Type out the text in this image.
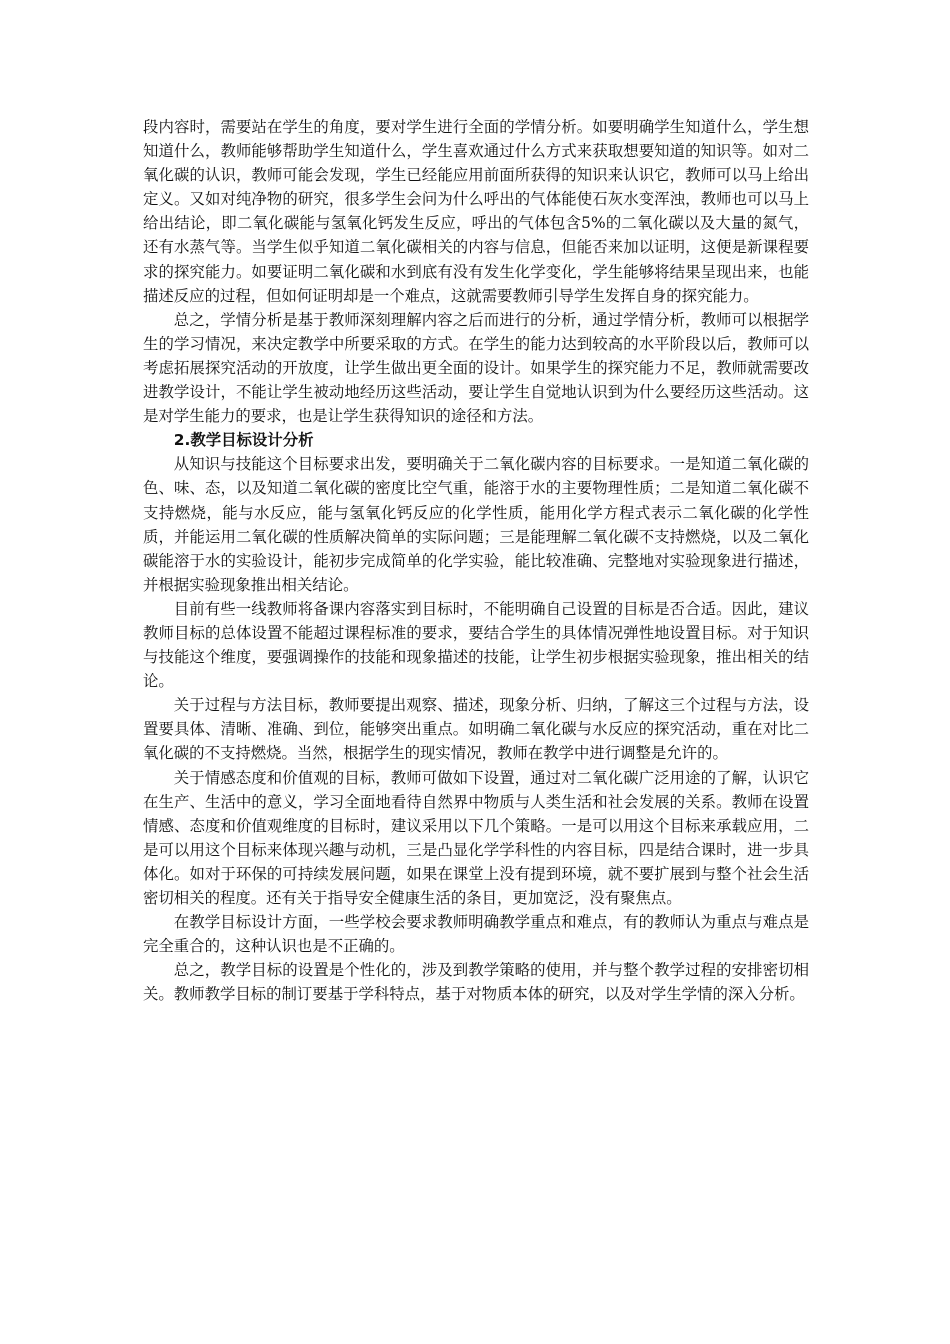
段内容时，需要站在学生的角度，要对学生进行全面的学情分析。如要明确学生知道什么，学生想知道什么，教师能够帮助学生知道什么，学生喜欢通过什么方式来获取想要知道的知识等。如对二氧化碳的认识，教师可能会发现，学生已经能应用前面所获得的知识来认识它，教师可以马上给出定义。又如对纯净物的研究，很多学生会问为什么呼出的气体能使石灰水变浑浊，教师也可以马上给出结论，即二氧化碳能与氢氧化钙发生反应，呼出的气体包含5%的二氧化碳以及大量的氮气，还有水蒸气等。当学生似乎知道二氧化碳相关的内容与信息，但能否来加以证明，这便是新课程要求的探究能力。如要证明二氧化碳和水到底有没有发生化学变化，学生能够将结果呈现出来，也能描述反应的过程，但如何证明却是一个难点，这就需要教师引导学生发挥自身的探究能力。

总之，学情分析是基于教师深刻理解内容之后而进行的分析，通过学情分析，教师可以根据学生的学习情况，来决定教学中所要采取的方式。在学生的能力达到较高的水平阶段以后，教师可以考虑拓展探究活动的开放度，让学生做出更全面的设计。如果学生的探究能力不足，教师就需要改进教学设计，不能让学生被动地经历这些活动，要让学生自觉地认识到为什么要经历这些活动。这是对学生能力的要求，也是让学生获得知识的途径和方法。

2.教学目标设计分析

从知识与技能这个目标要求出发，要明确关于二氧化碳内容的目标要求。一是知道二氧化碳的色、味、态，以及知道二氧化碳的密度比空气重，能溶于水的主要物理性质；二是知道二氧化碳不支持燃烧，能与水反应，能与氢氧化钙反应的化学性质，能用化学方程式表示二氧化碳的化学性质，并能运用二氧化碳的性质解决简单的实际问题；三是能理解二氧化碳不支持燃烧，以及二氧化碳能溶于水的实验设计，能初步完成简单的化学实验，能比较准确、完整地对实验现象进行描述，并根据实验现象推出相关结论。

目前有些一线教师将备课内容落实到目标时，不能明确自己设置的目标是否合适。因此，建议教师目标的总体设置不能超过课程标准的要求，要结合学生的具体情况弹性地设置目标。对于知识与技能这个维度，要强调操作的技能和现象描述的技能，让学生初步根据实验现象，推出相关的结论。

关于过程与方法目标，教师要提出观察、描述，现象分析、归纳，了解这三个过程与方法，设置要具体、清晰、准确、到位，能够突出重点。如明确二氧化碳与水反应的探究活动，重在对比二氧化碳的不支持燃烧。当然，根据学生的现实情况，教师在教学中进行调整是允许的。

关于情感态度和价值观的目标，教师可做如下设置，通过对二氧化碳广泛用途的了解，认识它在生产、生活中的意义，学习全面地看待自然界中物质与人类生活和社会发展的关系。教师在设置情感、态度和价值观维度的目标时，建议采用以下几个策略。一是可以用这个目标来承载应用，二是可以用这个目标来体现兴趣与动机，三是凸显化学学科性的内容目标，四是结合课时，进一步具体化。如对于环保的可持续发展问题，如果在课堂上没有提到环境，就不要扩展到与整个社会生活密切相关的程度。还有关于指导安全健康生活的条目，更加宽泛，没有聚焦点。

在教学目标设计方面，一些学校会要求教师明确教学重点和难点，有的教师认为重点与难点是完全重合的，这种认识也是不正确的。

总之，教学目标的设置是个性化的，涉及到教学策略的使用，并与整个教学过程的安排密切相关。教师教学目标的制订要基于学科特点，基于对物质本体的研究，以及对学生学情的深入分析。
